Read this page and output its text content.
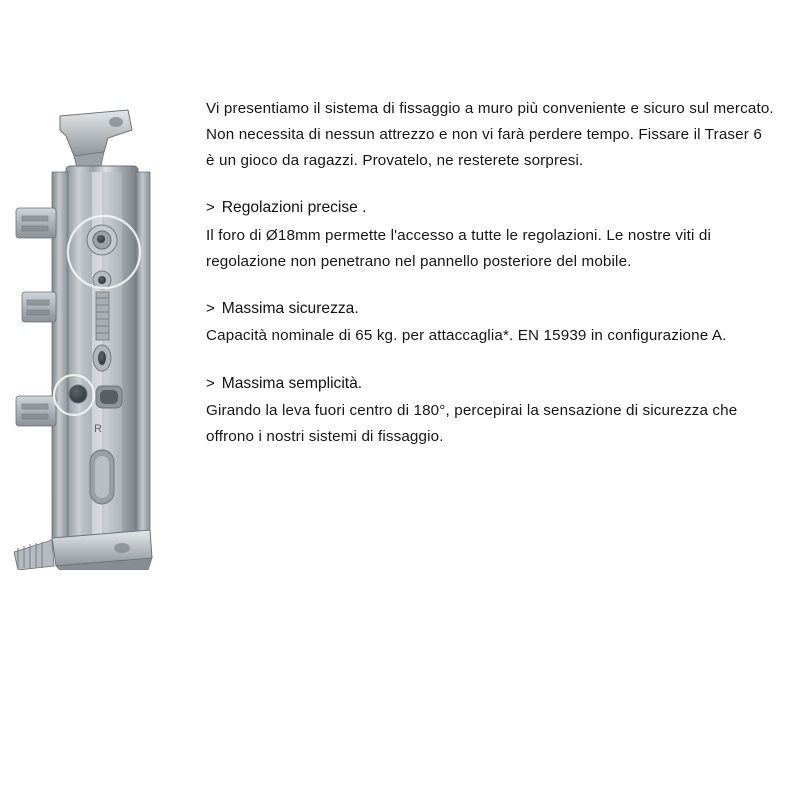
R

Vi presentiamo il sistema di fissaggio a muro più conveniente e sicuro sul mercato. Non necessita di nessun attrezzo e non vi farà perdere tempo. Fissare il Traser 6 è un gioco da ragazzi. Provatelo, ne resterete sorpresi.

> Regolazioni precise .

Il foro di Ø18mm permette l'accesso a tutte le regolazioni. Le nostre viti di regolazione non penetrano nel pannello posteriore del mobile.

> Massima sicurezza.

Capacità nominale di 65 kg. per attaccaglia*. EN 15939 in configurazione A.

> Massima semplicità.

Girando la leva fuori centro di 180°, percepirai la sensazione di sicurezza che offrono i nostri sistemi di fissaggio.
